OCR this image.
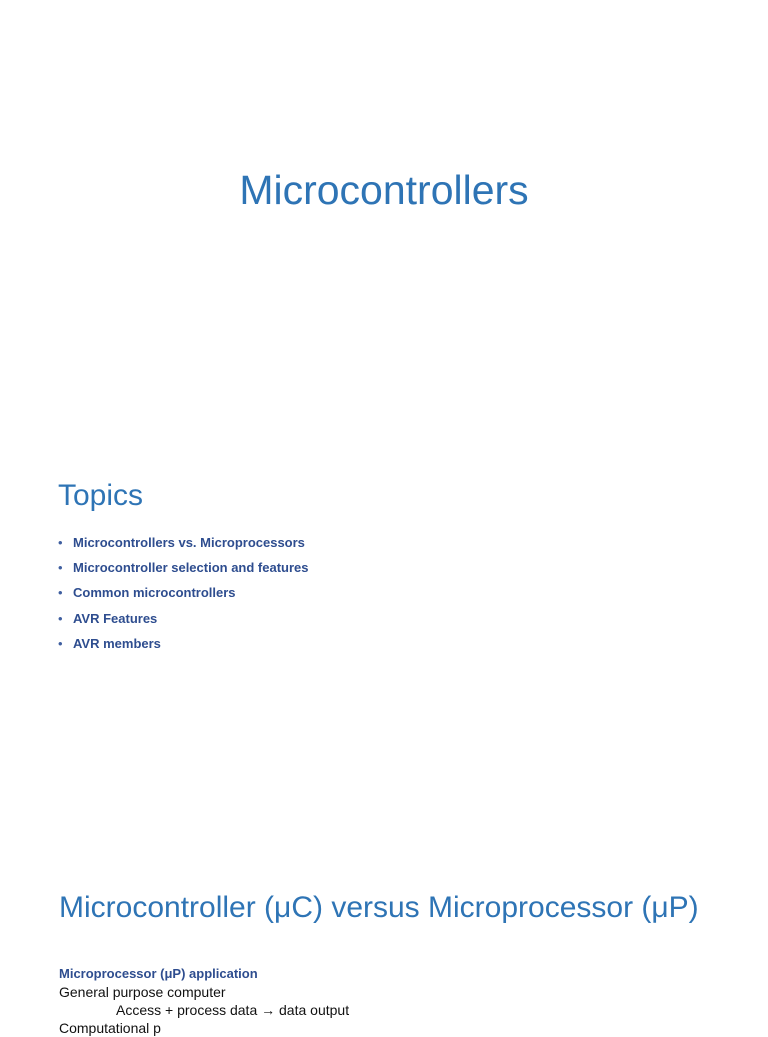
Microcontrollers
Topics
• Microcontrollers vs. Microprocessors
• Microcontroller selection and features
• Common microcontrollers
• AVR Features
• AVR members
Microcontroller (μC) versus Microprocessor (μP)
Microprocessor (μP) application
General purpose computer
Access + process data → data output
Computational p
